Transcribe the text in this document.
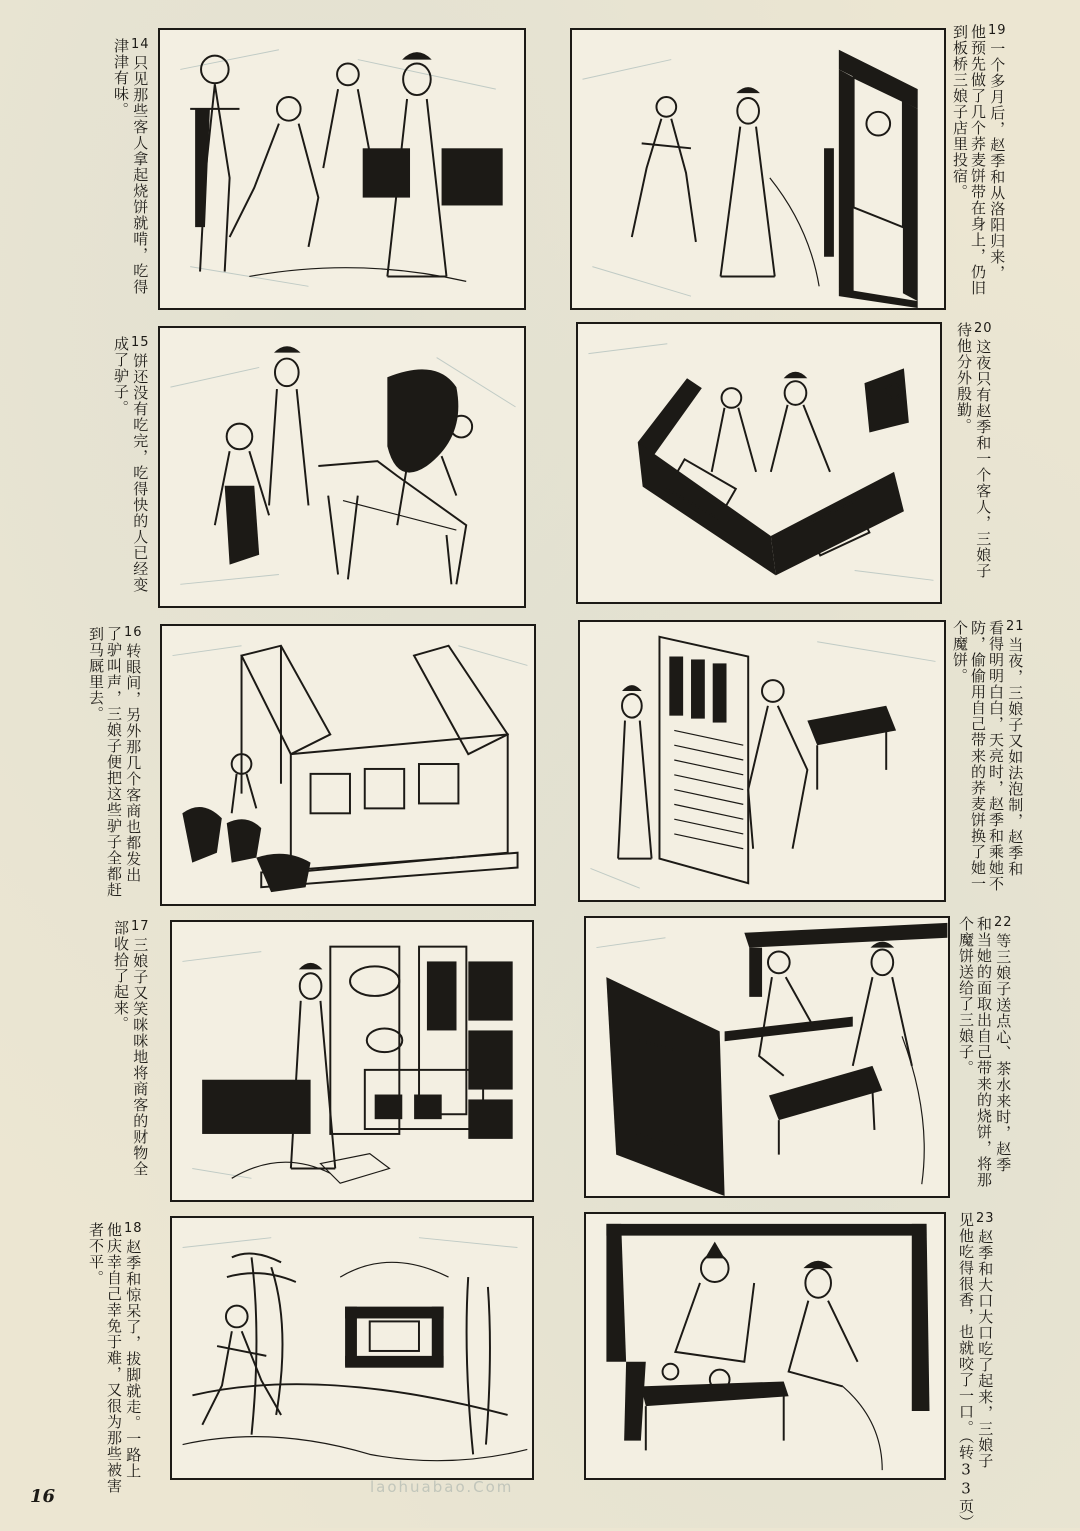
14只见那些客人拿起烧饼就啃，吃得
津津有味。
15饼还没有吃完，吃得快的人已经变
成了驴子。
16转眼间，另外那几个客商也都发出
了驴叫声，三娘子便把这些驴子全都赶
到马厩里去。
17三娘子又笑咪咪地将商客的财物全
部收拾了起来。
18赵季和惊呆了，拔脚就走。一路上
他庆幸自己幸免于难，又很为那些被害
者不平。
19一个多月后，赵季和从洛阳归来，
他预先做了几个荞麦饼带在身上，仍旧
到板桥三娘子店里投宿。
20这夜只有赵季和一个客人，三娘子
待他分外殷勤。
21当夜，三娘子又如法泡制，赵季和
看得明明白白，天亮时，赵季和乘她不
防，偷偷用自己带来的荞麦饼换了她一
个魔饼。
22等三娘子送点心、茶水来时，赵季
和当她的面取出自己带来的烧饼，将那
个魔饼送给了三娘子。
23赵季和大口大口吃了起来，三娘子
见他吃得很香，也就咬了一口。（转33页）
16	laohuabao.Com
